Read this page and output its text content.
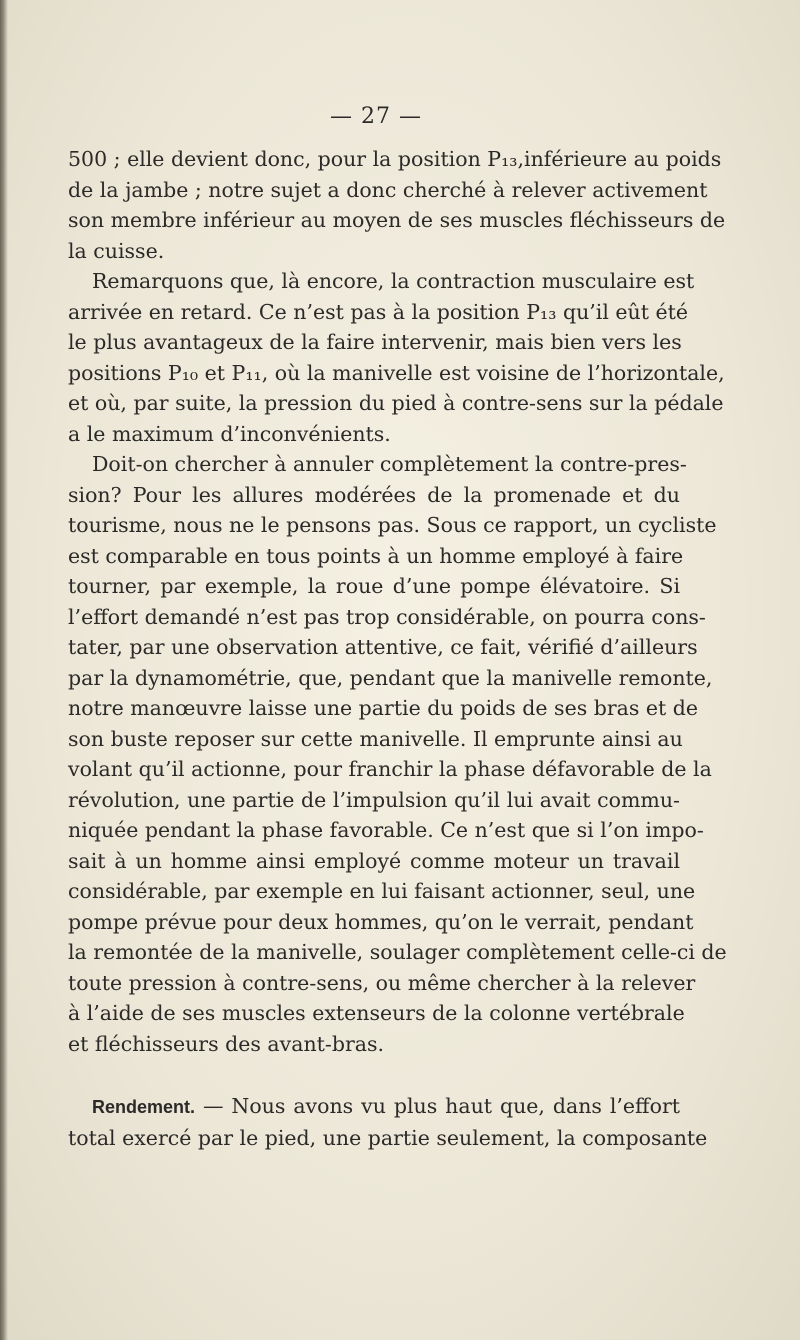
— 27 —
500 ; elle devient donc, pour la position P₁₃,inférieure au poids
de la jambe ; notre sujet a donc cherché à relever activement
son membre inférieur au moyen de ses muscles fléchisseurs de
la cuisse.
Remarquons que, là encore, la contraction musculaire est
arrivée en retard. Ce n’est pas à la position P₁₃ qu’il eût été
le plus avantageux de la faire intervenir, mais bien vers les
positions P₁₀ et P₁₁, où la manivelle est voisine de l’horizontale,
et où, par suite, la pression du pied à contre-sens sur la pédale
a le maximum d’inconvénients.
Doit-on chercher à annuler complètement la contre-pres-
sion? Pour les allures modérées de la promenade et du
tourisme, nous ne le pensons pas. Sous ce rapport, un cycliste
est comparable en tous points à un homme employé à faire
tourner, par exemple, la roue d’une pompe élévatoire. Si
l’effort demandé n’est pas trop considérable, on pourra cons-
tater, par une observation attentive, ce fait, vérifié d’ailleurs
par la dynamométrie, que, pendant que la manivelle remonte,
notre manœuvre laisse une partie du poids de ses bras et de
son buste reposer sur cette manivelle. Il emprunte ainsi au
volant qu’il actionne, pour franchir la phase défavorable de la
révolution, une partie de l’impulsion qu’il lui avait commu-
niquée pendant la phase favorable. Ce n’est que si l’on impo-
sait à un homme ainsi employé comme moteur un travail
considérable, par exemple en lui faisant actionner, seul, une
pompe prévue pour deux hommes, qu’on le verrait, pendant
la remontée de la manivelle, soulager complètement celle-ci de
toute pression à contre-sens, ou même chercher à la relever
à l’aide de ses muscles extenseurs de la colonne vertébrale
et fléchisseurs des avant-bras.
Rendement. — Nous avons vu plus haut que, dans l’effort
total exercé par le pied, une partie seulement, la composante
